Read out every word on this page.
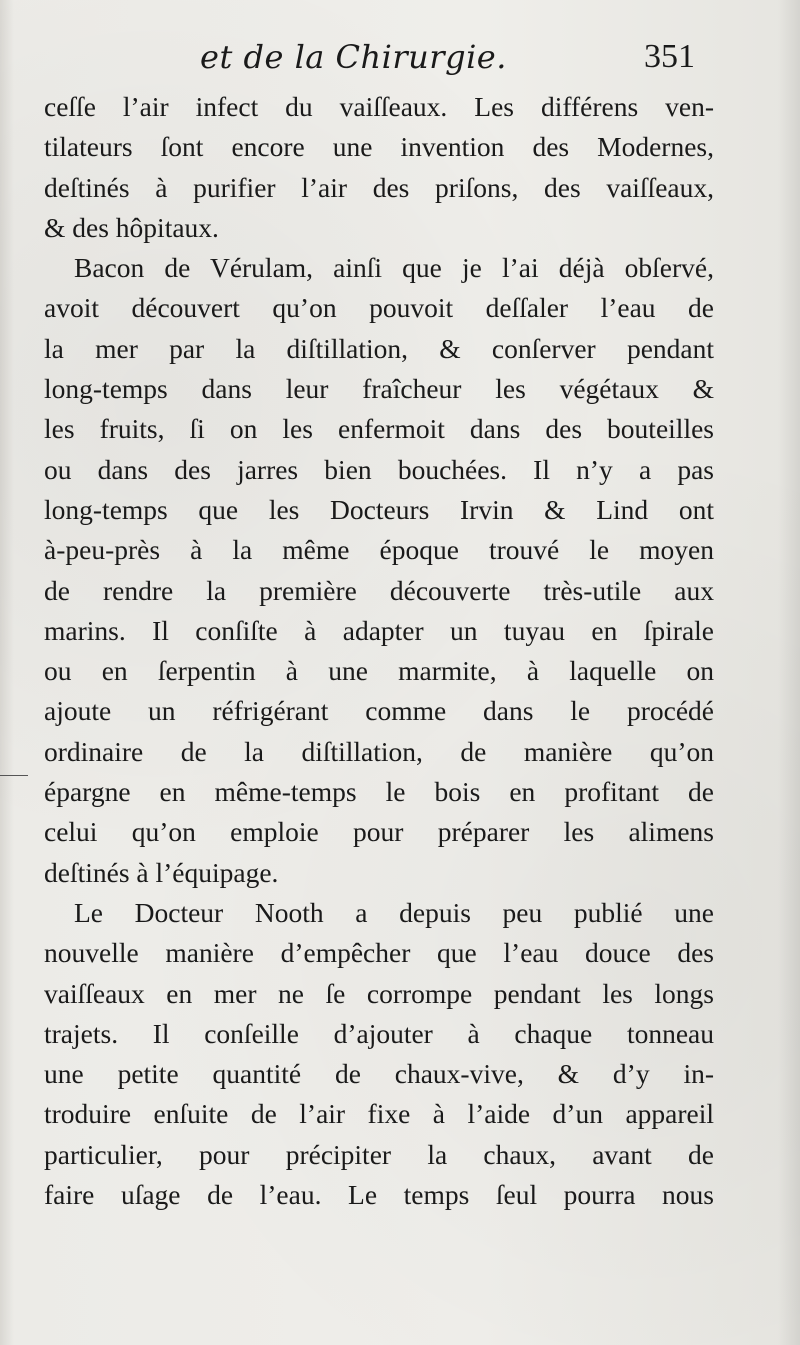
et de la Chirurgie.	351
ceſſe l’air infect du vaiſſeaux. Les différens ven-
tilateurs ſont encore une invention des Modernes,
deſtinés à purifier l’air des priſons, des vaiſſeaux,
& des hôpitaux.
Bacon de Vérulam, ainſi que je l’ai déjà obſervé,
avoit découvert qu’on pouvoit deſſaler l’eau de
la mer par la diſtillation, & conſerver pendant
long-temps dans leur fraîcheur les végétaux &
les fruits, ſi on les enfermoit dans des bouteilles
ou dans des jarres bien bouchées. Il n’y a pas
long-temps que les Docteurs Irvin & Lind ont
à-peu-près à la même époque trouvé le moyen
de rendre la première découverte très-utile aux
marins. Il conſiſte à adapter un tuyau en ſpirale
ou en ſerpentin à une marmite, à laquelle on
ajoute un réfrigérant comme dans le procédé
ordinaire de la diſtillation, de manière qu’on
épargne en même-temps le bois en profitant de
celui qu’on emploie pour préparer les alimens
deſtinés à l’équipage.
Le Docteur Nooth a depuis peu publié une
nouvelle manière d’empêcher que l’eau douce des
vaiſſeaux en mer ne ſe corrompe pendant les longs
trajets. Il conſeille d’ajouter à chaque tonneau
une petite quantité de chaux-vive, & d’y in-
troduire enſuite de l’air fixe à l’aide d’un appareil
particulier, pour précipiter la chaux, avant de
faire uſage de l’eau. Le temps ſeul pourra nous
